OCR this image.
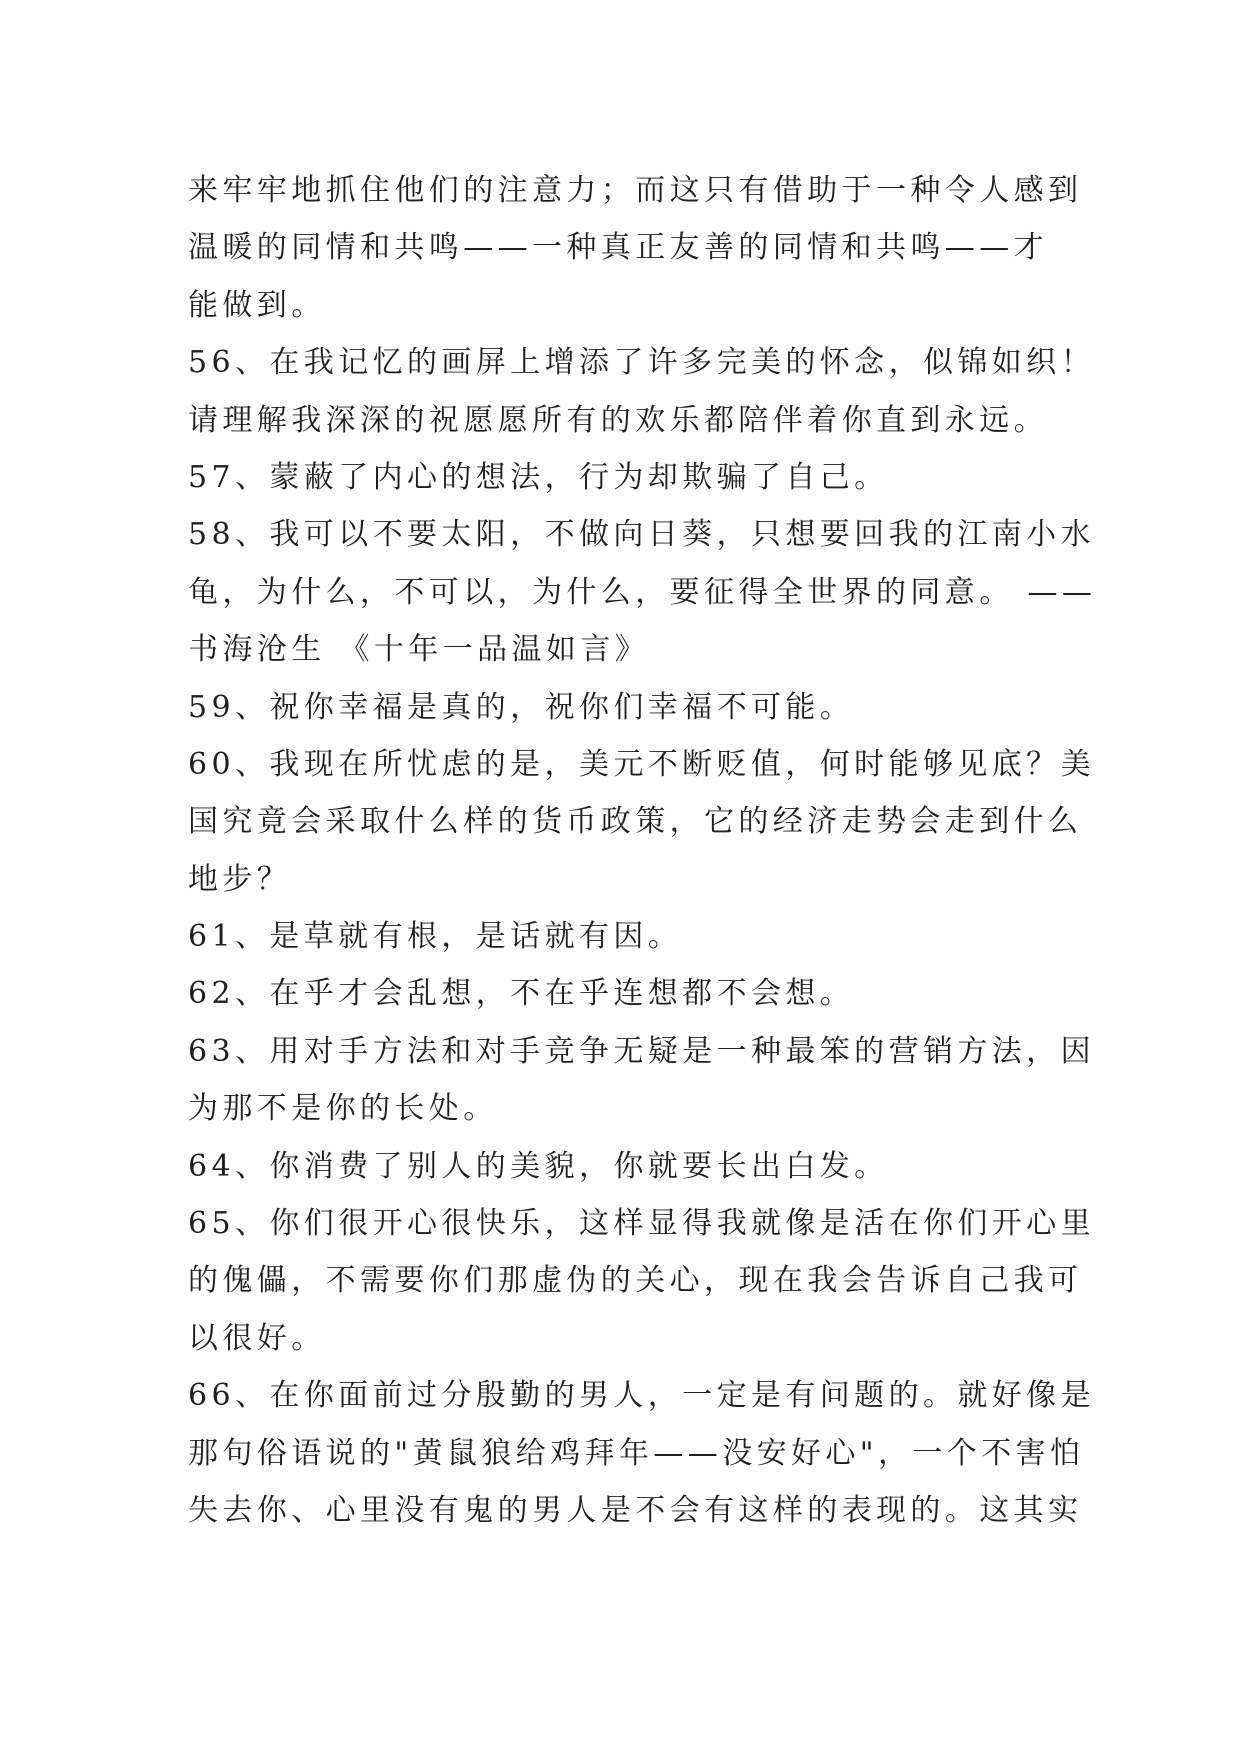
来牢牢地抓住他们的注意力；而这只有借助于一种令人感到
温暖的同情和共鸣——一种真正友善的同情和共鸣——才
能做到。
56、在我记忆的画屏上增添了许多完美的怀念，似锦如织！
请理解我深深的祝愿愿所有的欢乐都陪伴着你直到永远。
57、蒙蔽了内心的想法，行为却欺骗了自己。
58、我可以不要太阳，不做向日葵，只想要回我的江南小水
龟，为什么，不可以，为什么，要征得全世界的同意。 ——
书海沧生 《十年一品温如言》
59、祝你幸福是真的，祝你们幸福不可能。
60、我现在所忧虑的是，美元不断贬值，何时能够见底？美
国究竟会采取什么样的货币政策，它的经济走势会走到什么
地步？
61、是草就有根，是话就有因。
62、在乎才会乱想，不在乎连想都不会想。
63、用对手方法和对手竞争无疑是一种最笨的营销方法，因
为那不是你的长处。
64、你消费了别人的美貌，你就要长出白发。
65、你们很开心很快乐，这样显得我就像是活在你们开心里
的傀儡，不需要你们那虚伪的关心，现在我会告诉自己我可
以很好。
66、在你面前过分殷勤的男人，一定是有问题的。就好像是
那句俗语说的"黄鼠狼给鸡拜年——没安好心"，一个不害怕
失去你、心里没有鬼的男人是不会有这样的表现的。这其实
